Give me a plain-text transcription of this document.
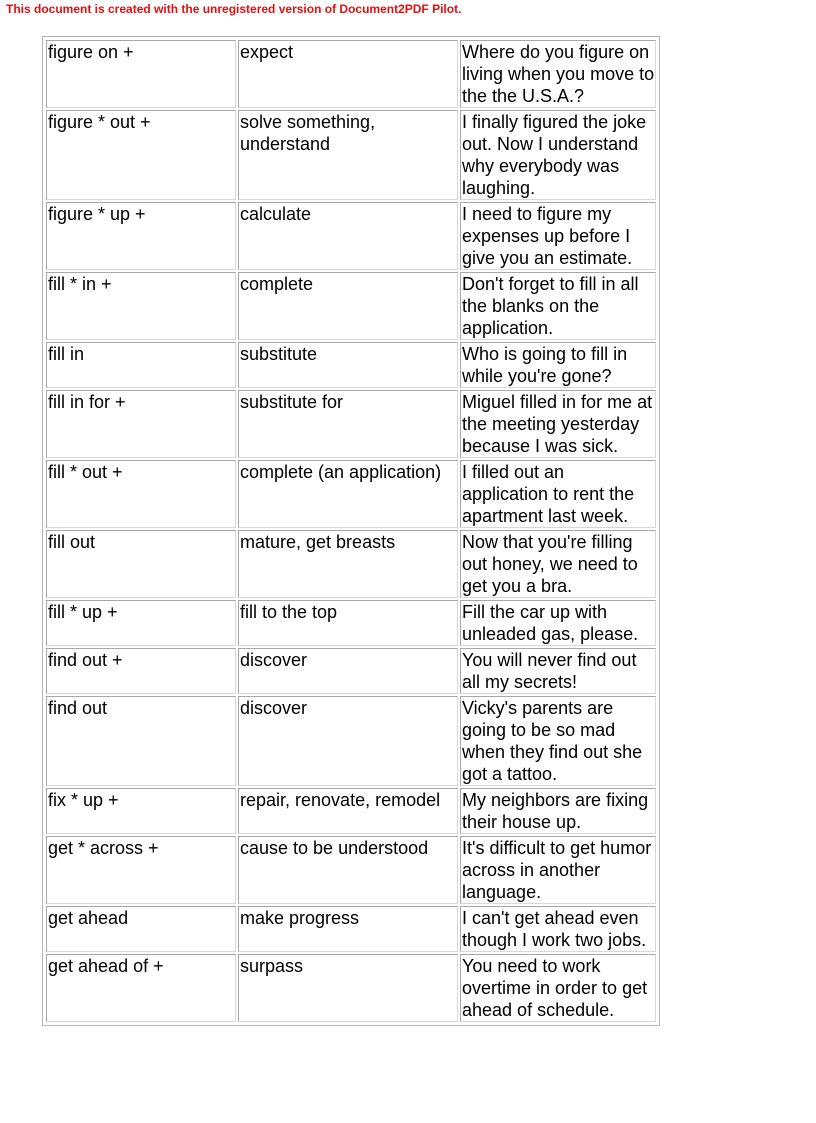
This document is created with the unregistered version of Document2PDF Pilot.
figure on +	expect	Where do you figure on living when you move to the the U.S.A.?
figure * out +	solve something, understand	I finally figured the joke out. Now I understand why everybody was laughing.
figure * up +	calculate	I need to figure my expenses up before I give you an estimate.
fill * in +	complete	Don't forget to fill in all the blanks on the application.
fill in	substitute	Who is going to fill in while you're gone?
fill in for +	substitute for	Miguel filled in for me at the meeting yesterday because I was sick.
fill * out +	complete (an application)	I filled out an application to rent the apartment last week.
fill out	mature, get breasts	Now that you're filling out honey, we need to get you a bra.
fill * up +	fill to the top	Fill the car up with unleaded gas, please.
find out +	discover	You will never find out all my secrets!
find out	discover	Vicky's parents are going to be so mad when they find out she got a tattoo.
fix * up +	repair, renovate, remodel	My neighbors are fixing their house up.
get * across +	cause to be understood	It's difficult to get humor across in another language.
get ahead	make progress	I can't get ahead even though I work two jobs.
get ahead of +	surpass	You need to work overtime in order to get ahead of schedule.
